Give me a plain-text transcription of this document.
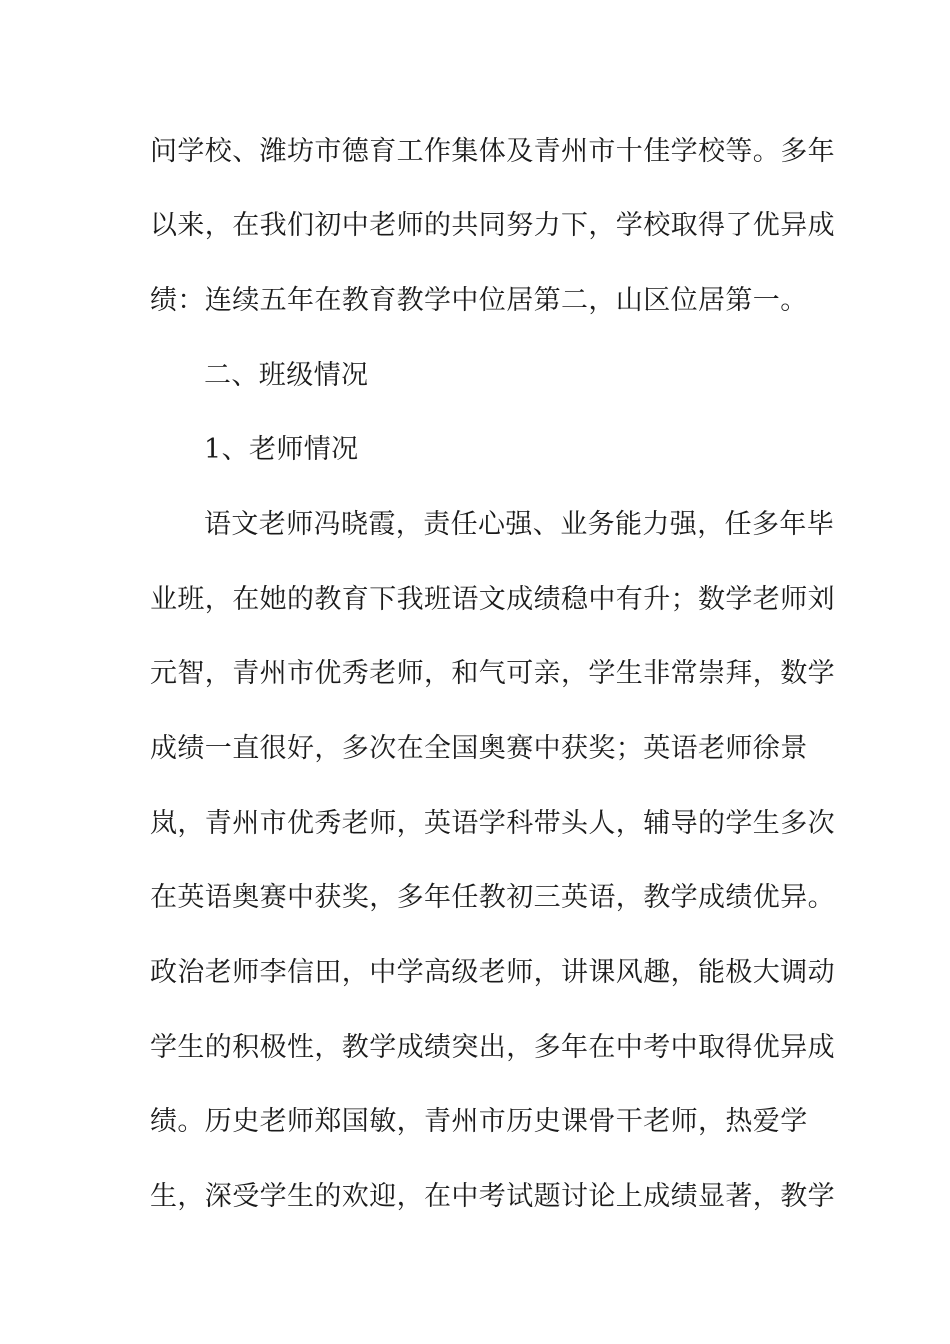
问学校、潍坊市德育工作集体及青州市十佳学校等。多年
以来，在我们初中老师的共同努力下，学校取得了优异成
绩：连续五年在教育教学中位居第二，山区位居第一。
二、班级情况
1、老师情况
语文老师冯晓霞，责任心强、业务能力强，任多年毕
业班，在她的教育下我班语文成绩稳中有升；数学老师刘
元智，青州市优秀老师，和气可亲，学生非常崇拜，数学
成绩一直很好，多次在全国奥赛中获奖；英语老师徐景
岚，青州市优秀老师，英语学科带头人，辅导的学生多次
在英语奥赛中获奖，多年任教初三英语，教学成绩优异。
政治老师李信田，中学高级老师，讲课风趣，能极大调动
学生的积极性，教学成绩突出，多年在中考中取得优异成
绩。历史老师郑国敏，青州市历史课骨干老师，热爱学
生，深受学生的欢迎，在中考试题讨论上成绩显著，教学
